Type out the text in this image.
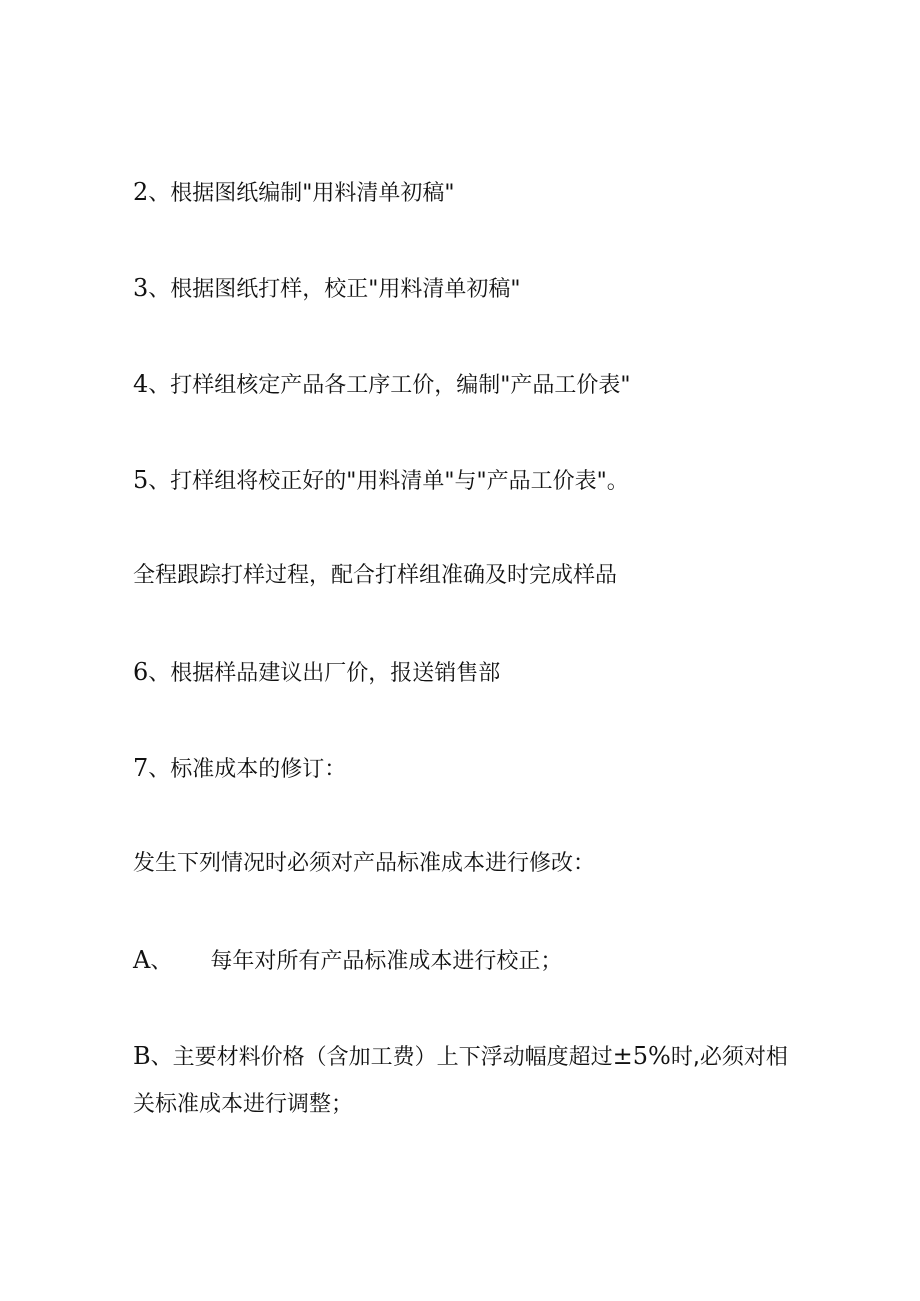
2、根据图纸编制"用料清单初稿"
3、根据图纸打样，校正"用料清单初稿"
4、打样组核定产品各工序工价，编制"产品工价表"
5、打样组将校正好的"用料清单"与"产品工价表"。
全程跟踪打样过程，配合打样组准确及时完成样品
6、根据样品建议出厂价，报送销售部
7、标准成本的修订：
发生下列情况时必须对产品标准成本进行修改：
A、 每年对所有产品标准成本进行校正；
B、主要材料价格（含加工费）上下浮动幅度超过±5%时,必须对相
关标准成本进行调整；
